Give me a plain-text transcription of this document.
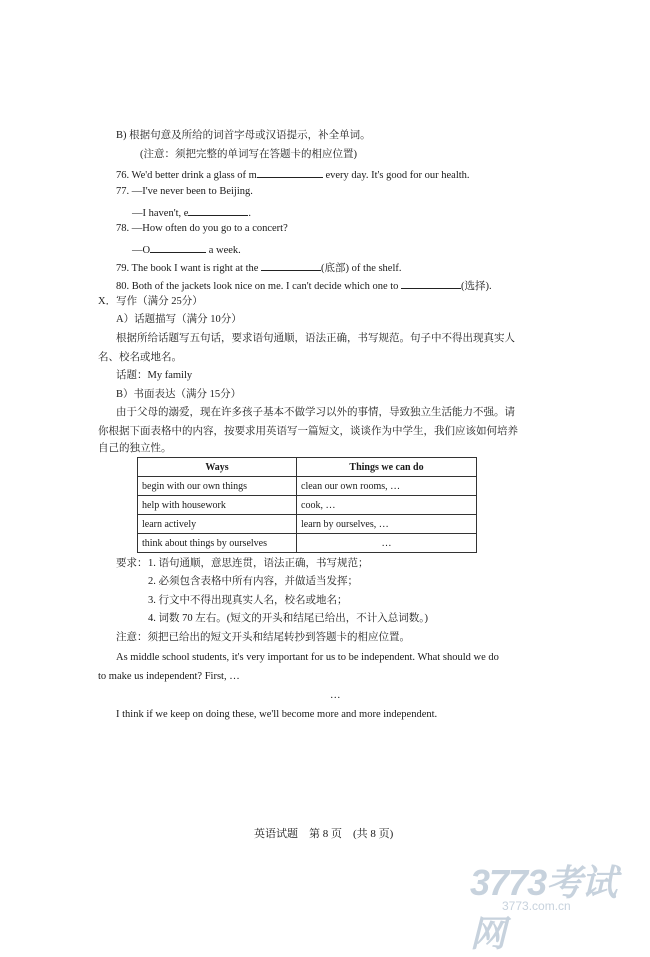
B) 根据句意及所给的词首字母或汉语提示，补全单词。
(注意：须把完整的单词写在答题卡的相应位置)
76. We'd better drink a glass of m	every day. It's good for our health.
77. —I've never been to Beijing.
—I haven't, e	.
78. —How often do you go to a concert?
—O	a week.
79. The book I want is right at the	(底部) of the shelf.
80. Both of the jackets look nice on me. I can't decide which one to	(选择).
X．写作（满分 25分）
A）话题描写（满分 10分）
根据所给话题写五句话，要求语句通顺，语法正确，书写规范。句子中不得出现真实人
名、校名或地名。
话题：My family
B）书面表达（满分 15分）
由于父母的溺爱，现在许多孩子基本不做学习以外的事情，导致独立生活能力不强。请
你根据下面表格中的内容，按要求用英语写一篇短文，谈谈作为中学生，我们应该如何培养
自己的独立性。
Ways	Things we can do
begin with our own things	clean our own rooms, …
help with housework	cook, …
learn actively	learn by ourselves, …
think about things by ourselves	…
要求： 1. 语句通顺，意思连贯，语法正确，书写规范；
2. 必须包含表格中所有内容，并做适当发挥；
3. 行文中不得出现真实人名，校名或地名；
4. 词数 70 左右。(短文的开头和结尾已给出，不计入总词数。)
注意：须把已给出的短文开头和结尾转抄到答题卡的相应位置。
As middle school students, it's very important for us to be independent. What should we do
to make us independent? First, …
…
I think if we keep on doing these, we'll become more and more independent.
英语试题　第 8 页　(共 8 页)
3773考试网
3773.com.cn
